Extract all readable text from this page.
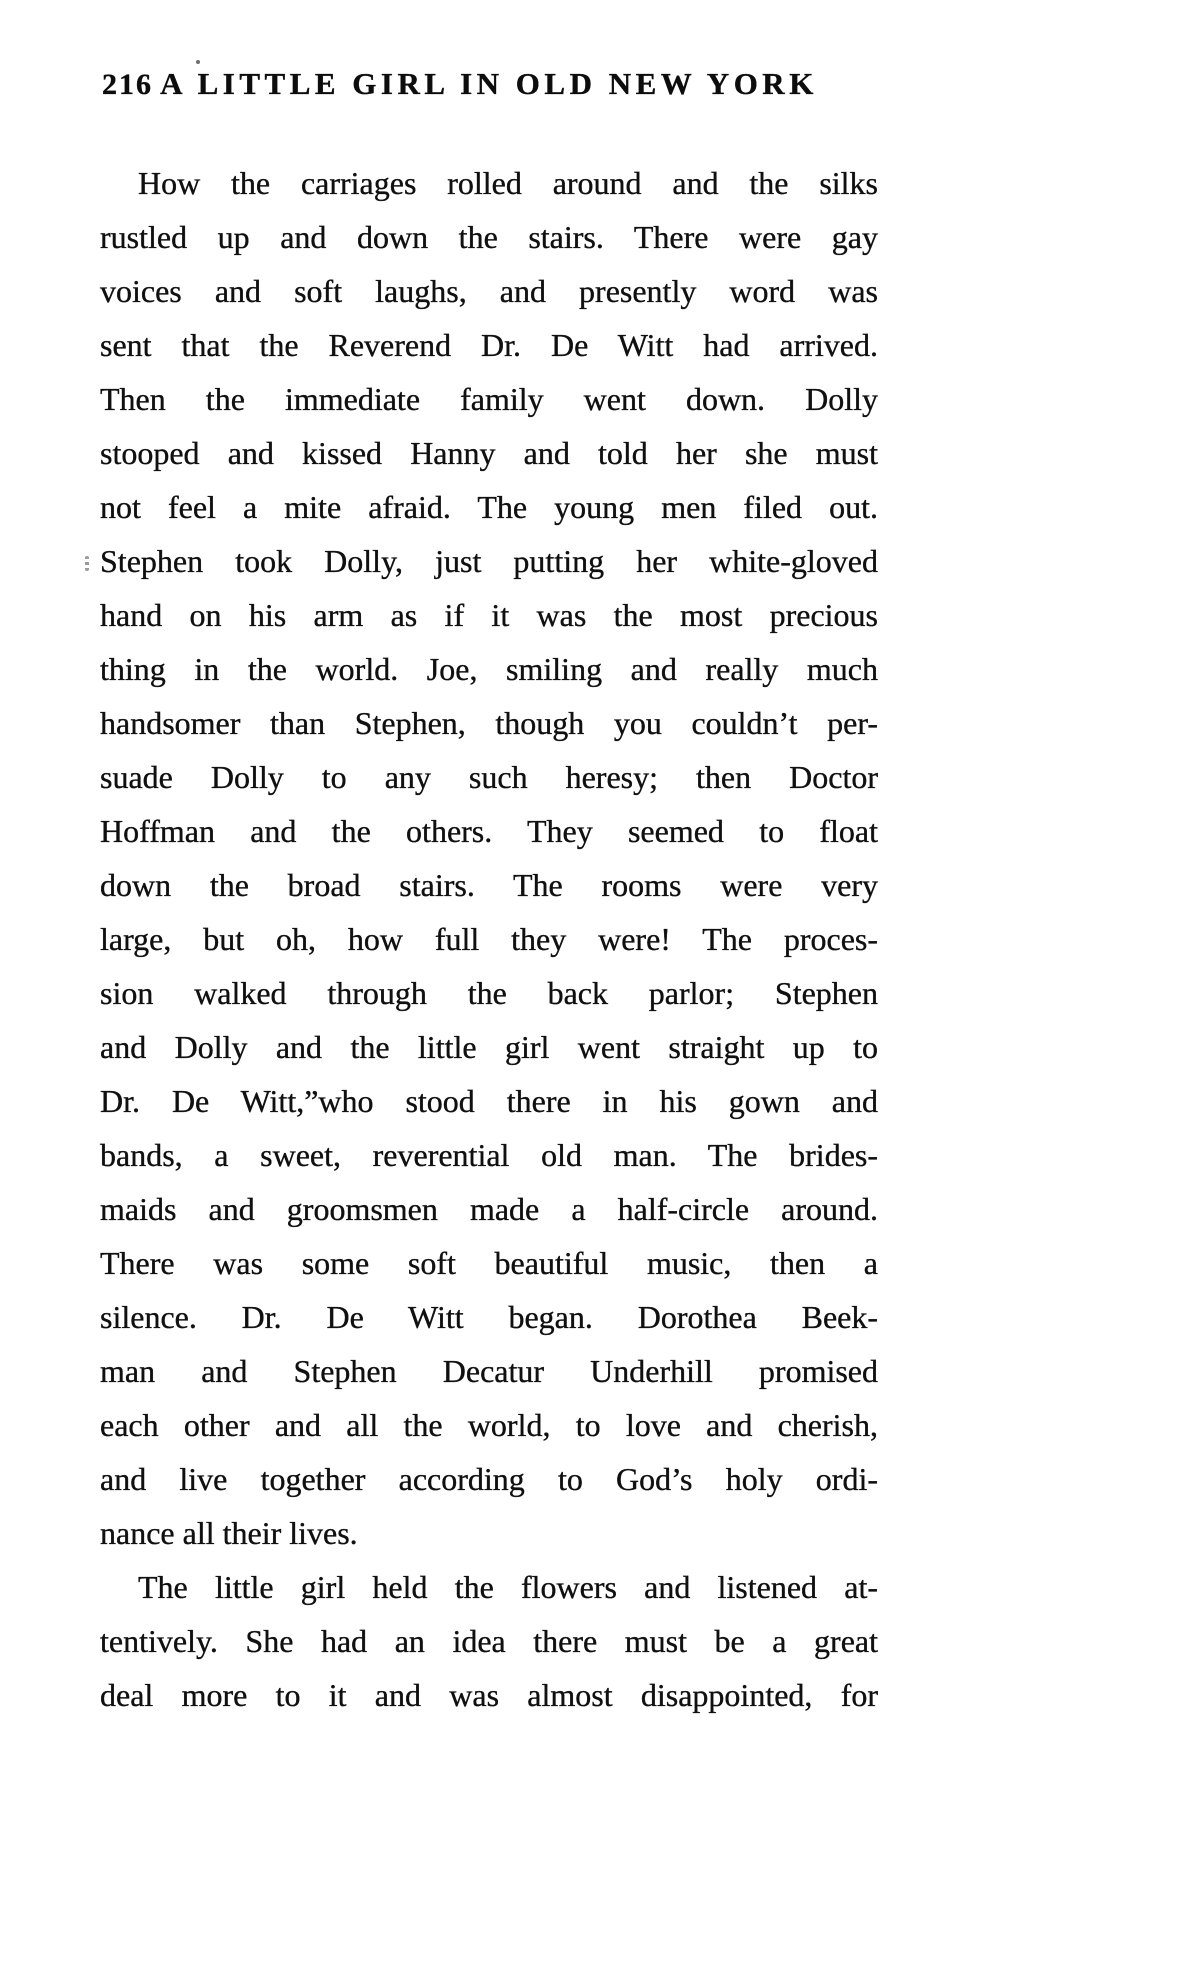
216 A LITTLE GIRL IN OLD NEW YORK
How the carriages rolled around and the silks
rustled up and down the stairs. There were gay
voices and soft laughs, and presently word was
sent that the Reverend Dr. De Witt had arrived.
Then the immediate family went down. Dolly
stooped and kissed Hanny and told her she must
not feel a mite afraid. The young men filed out.
Stephen took Dolly, just putting her white-gloved
hand on his arm as if it was the most precious
thing in the world. Joe, smiling and really much
handsomer than Stephen, though you couldn’t per-
suade Dolly to any such heresy; then Doctor
Hoffman and the others. They seemed to float
down the broad stairs. The rooms were very
large, but oh, how full they were! The proces-
sion walked through the back parlor; Stephen
and Dolly and the little girl went straight up to
Dr. De Witt,”who stood there in his gown and
bands, a sweet, reverential old man. The brides-
maids and groomsmen made a half-circle around.
There was some soft beautiful music, then a
silence. Dr. De Witt began. Dorothea Beek-
man and Stephen Decatur Underhill promised
each other and all the world, to love and cherish,
and live together according to God’s holy ordi-
nance all their lives.
The little girl held the flowers and listened at-
tentively. She had an idea there must be a great
deal more to it and was almost disappointed, for
